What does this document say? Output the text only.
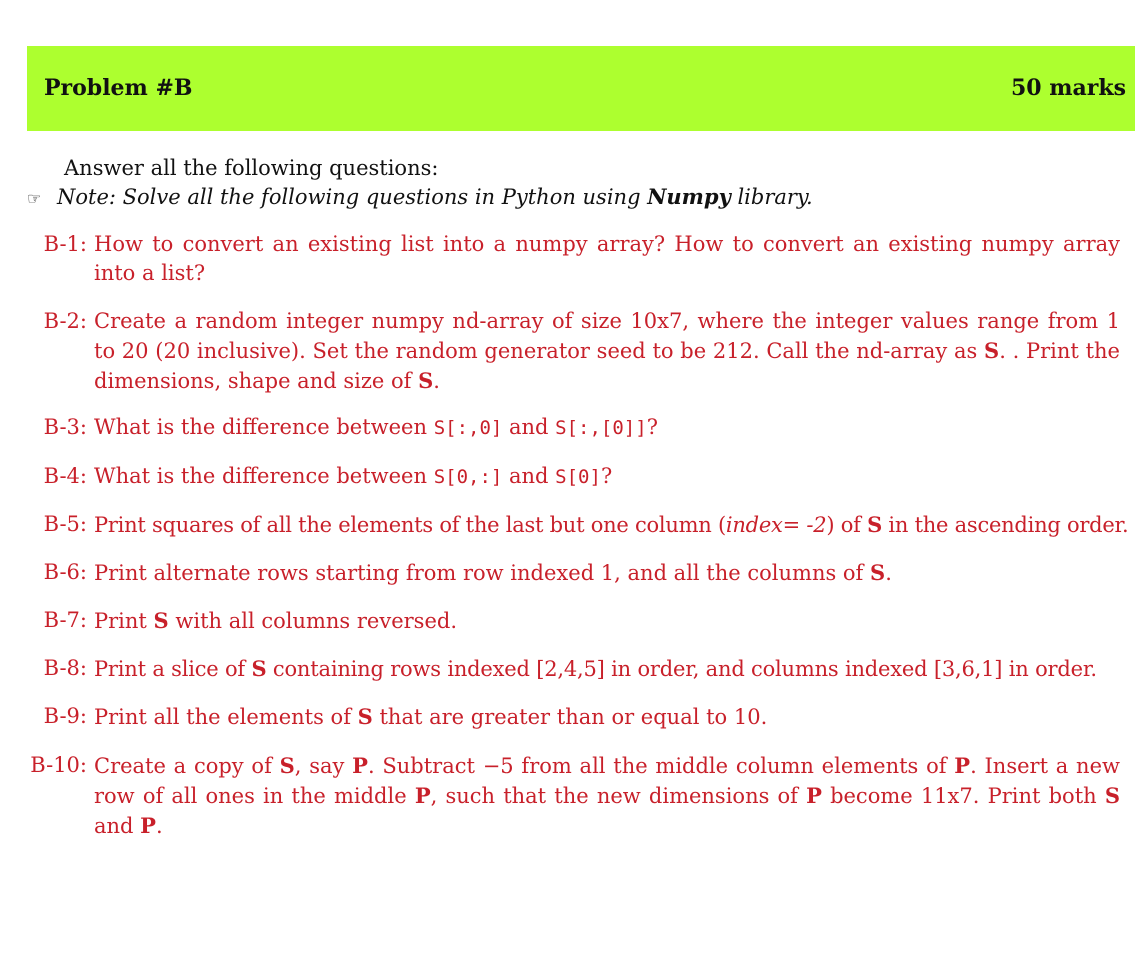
Problem #B	50 marks
Answer all the following questions:
☞ Note: Solve all the following questions in Python using Numpy library.
B-1: How to convert an existing list into a numpy array? How to convert an existing numpy array into a list?
B-2: Create a random integer numpy nd-array of size 10x7, where the integer values range from 1 to 20 (20 inclusive). Set the random generator seed to be 212. Call the nd-array as S. . Print the dimensions, shape and size of S.
B-3: What is the difference between S[:,0] and S[:,[0]]?
B-4: What is the difference between S[0,:] and S[0]?
B-5: Print squares of all the elements of the last but one column (index= -2) of S in the ascending order.
B-6: Print alternate rows starting from row indexed 1, and all the columns of S.
B-7: Print S with all columns reversed.
B-8: Print a slice of S containing rows indexed [2,4,5] in order, and columns indexed [3,6,1] in order.
B-9: Print all the elements of S that are greater than or equal to 10.
B-10: Create a copy of S, say P. Subtract −5 from all the middle column elements of P. Insert a new row of all ones in the middle P, such that the new dimensions of P become 11x7. Print both S and P.
